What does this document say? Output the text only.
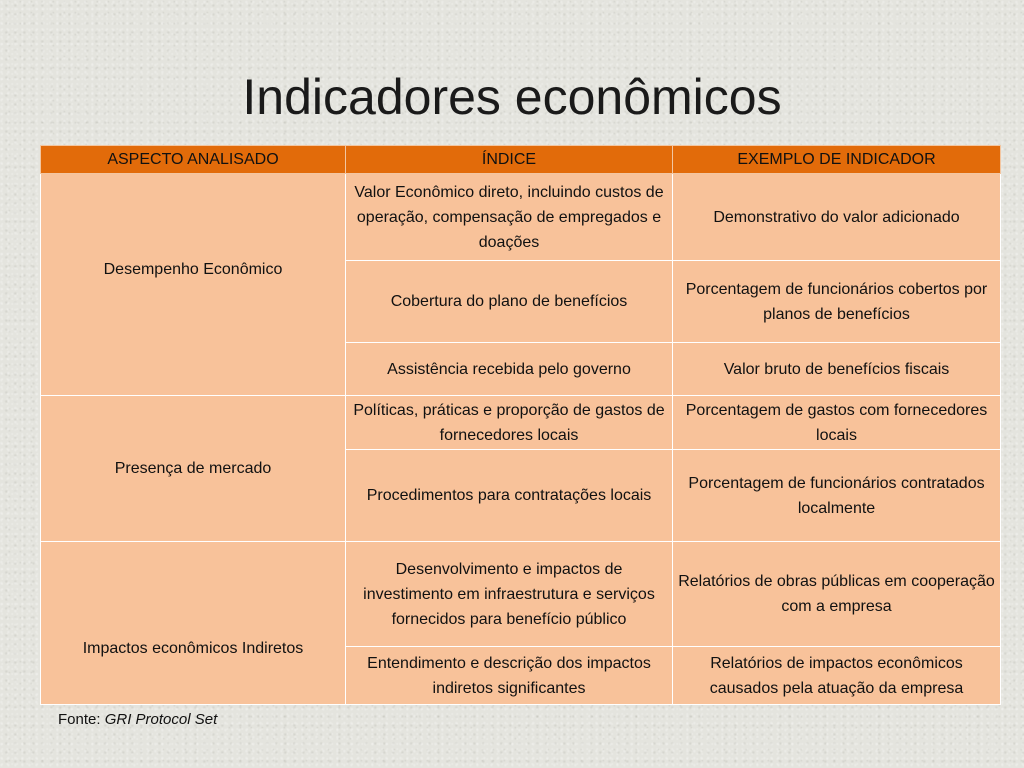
Indicadores econômicos
ASPECTO ANALISADO	ÍNDICE	EXEMPLO DE INDICADOR
Desempenho Econômico	Valor Econômico direto, incluindo custos de operação, compensação de empregados e doações	Demonstrativo do valor adicionado
	Cobertura do plano de benefícios	Porcentagem de funcionários cobertos por planos de benefícios
	Assistência recebida pelo governo	Valor bruto de benefícios fiscais
Presença de mercado	Políticas, práticas e proporção de gastos de fornecedores locais	Porcentagem de gastos com fornecedores locais
	Procedimentos para contratações locais	Porcentagem de funcionários contratados localmente
Impactos econômicos Indiretos	Desenvolvimento e impactos de investimento em infraestrutura e serviços fornecidos para benefício público	Relatórios de obras públicas em cooperação com a empresa
	Entendimento e descrição dos impactos indiretos significantes	Relatórios de impactos econômicos causados pela atuação da empresa
Fonte: GRI Protocol Set
